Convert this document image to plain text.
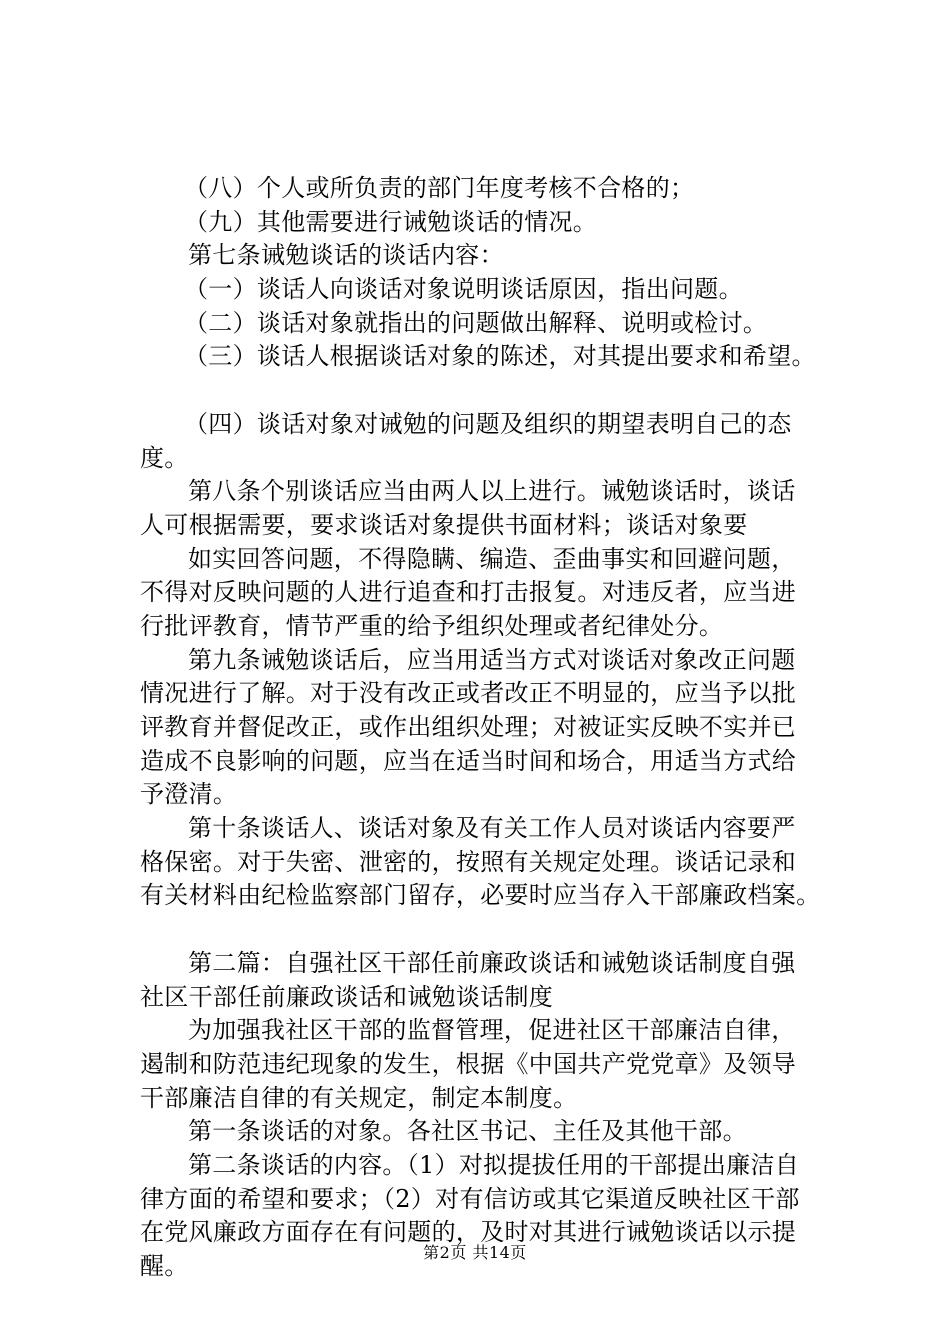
（八）个人或所负责的部门年度考核不合格的；
（九）其他需要进行诫勉谈话的情况。
第七条诫勉谈话的谈话内容：
（一）谈话人向谈话对象说明谈话原因，指出问题。
（二）谈话对象就指出的问题做出解释、说明或检讨。
（三）谈话人根据谈话对象的陈述，对其提出要求和希望。
（四）谈话对象对诫勉的问题及组织的期望表明自己的态
度。
第八条个别谈话应当由两人以上进行。诫勉谈话时，谈话
人可根据需要，要求谈话对象提供书面材料；谈话对象要
如实回答问题，不得隐瞒、编造、歪曲事实和回避问题，
不得对反映问题的人进行追查和打击报复。对违反者，应当进
行批评教育，情节严重的给予组织处理或者纪律处分。
第九条诫勉谈话后，应当用适当方式对谈话对象改正问题
情况进行了解。对于没有改正或者改正不明显的，应当予以批
评教育并督促改正，或作出组织处理；对被证实反映不实并已
造成不良影响的问题，应当在适当时间和场合，用适当方式给
予澄清。
第十条谈话人、谈话对象及有关工作人员对谈话内容要严
格保密。对于失密、泄密的，按照有关规定处理。谈话记录和
有关材料由纪检监察部门留存，必要时应当存入干部廉政档案。
第二篇：自强社区干部任前廉政谈话和诫勉谈话制度自强
社区干部任前廉政谈话和诫勉谈话制度
为加强我社区干部的监督管理，促进社区干部廉洁自律，
遏制和防范违纪现象的发生，根据《中国共产党党章》及领导
干部廉洁自律的有关规定，制定本制度。
第一条谈话的对象。各社区书记、主任及其他干部。
第二条谈话的内容。（1）对拟提拔任用的干部提出廉洁自
律方面的希望和要求；（2）对有信访或其它渠道反映社区干部
在党风廉政方面存在有问题的，及时对其进行诫勉谈话以示提
醒。	第2页 共14页
